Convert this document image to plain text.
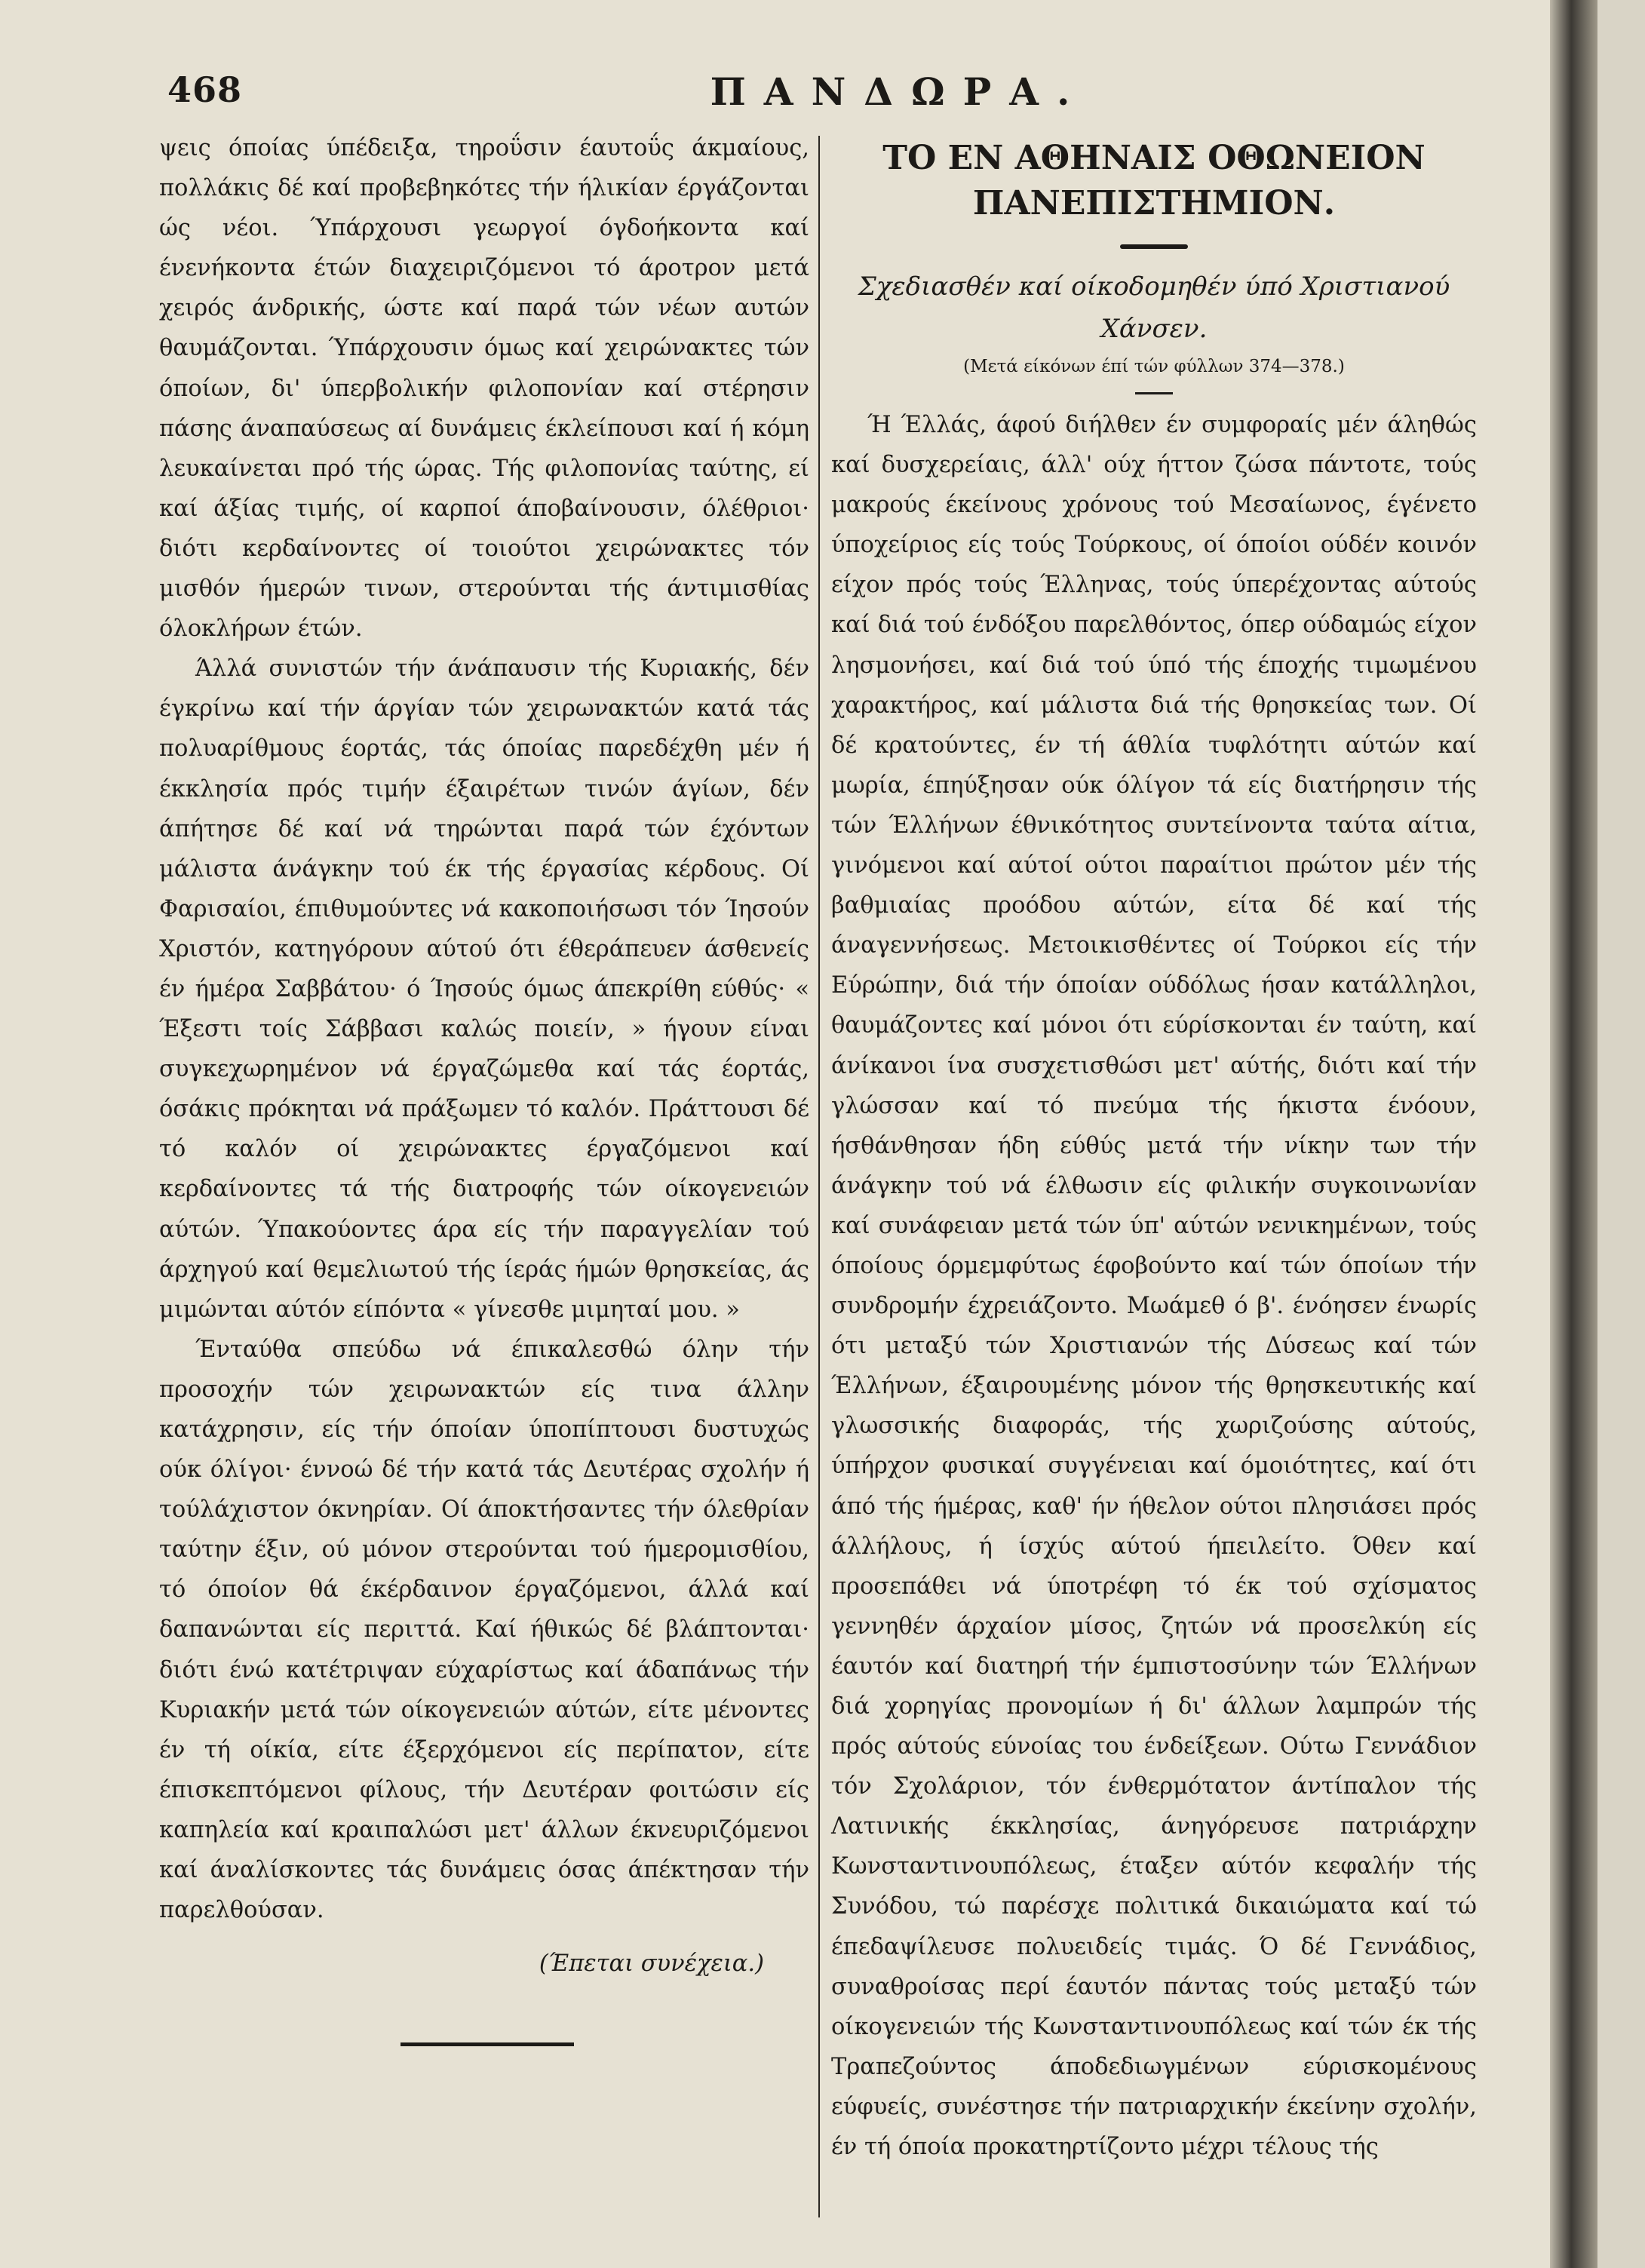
468	ΠΑΝΔΩΡΑ.

ψεις όποίας ύπέδειξα, τηροΰσιν έαυτοΰς άκμαίους, πολλάκις δέ καί προβεβηκότες τήν ήλικίαν έργάζονται ώς νέοι. Ύπάρχουσι γεωργοί όγδοήκοντα καί ένενήκοντα έτών διαχειριζόμενοι τό άροτρον μετά χειρός άνδρικής, ώστε καί παρά τών νέων αυτών θαυμάζονται. Ύπάρχουσιν όμως καί χειρώνακτες τών όποίων, δι' ύπερβολικήν φιλοπονίαν καί στέρησιν πάσης άναπαύσεως αί δυνάμεις έκλείπουσι καί ή κόμη λευκαίνεται πρό τής ώρας. Τής φιλοπονίας ταύτης, εί καί άξίας τιμής, οί καρποί άποβαίνουσιν, όλέθριοι· διότι κερδαίνοντες οί τοιούτοι χειρώνακτες τόν μισθόν ήμερών τινων, στερούνται τής άντιμισθίας όλοκλήρων έτών.

Άλλά συνιστών τήν άνάπαυσιν τής Κυριακής, δέν έγκρίνω καί τήν άργίαν τών χειρωνακτών κατά τάς πολυαρίθμους έορτάς, τάς όποίας παρεδέχθη μέν ή έκκλησία πρός τιμήν έξαιρέτων τινών άγίων, δέν άπήτησε δέ καί νά τηρώνται παρά τών έχόντων μάλιστα άνάγκην τού έκ τής έργασίας κέρδους. Οί Φαρισαίοι, έπιθυμούντες νά κακοποιήσωσι τόν Ίησούν Χριστόν, κατηγόρουν αύτού ότι έθεράπευεν άσθενείς έν ήμέρα Σαββάτου· ό Ίησούς όμως άπεκρίθη εύθύς· « Έξεστι τοίς Σάββασι καλώς ποιείν, » ήγουν είναι συγκεχωρημένον νά έργαζώμεθα καί τάς έορτάς, όσάκις πρόκηται νά πράξωμεν τό καλόν. Πράττουσι δέ τό καλόν οί χειρώνακτες έργαζόμενοι καί κερδαίνοντες τά τής διατροφής τών οίκογενειών αύτών. Ύπακούοντες άρα είς τήν παραγγελίαν τού άρχηγού καί θεμελιωτού τής ίεράς ήμών θρησκείας, άς μιμώνται αύτόν είπόντα « γίνεσθε μιμηταί μου. »

Ένταύθα σπεύδω νά έπικαλεσθώ όλην τήν προσοχήν τών χειρωνακτών είς τινα άλλην κατάχρησιν, είς τήν όποίαν ύποπίπτουσι δυστυχώς ούκ όλίγοι· έννοώ δέ τήν κατά τάς Δευτέρας σχολήν ή τούλάχιστον όκνηρίαν. Οί άποκτήσαντες τήν όλεθρίαν ταύτην έξιν, ού μόνον στερούνται τού ήμερομισθίου, τό όποίον θά έκέρδαινον έργαζόμενοι, άλλά καί δαπανώνται είς περιττά. Καί ήθικώς δέ βλάπτονται· διότι ένώ κατέτριψαν εύχαρίστως καί άδαπάνως τήν Κυριακήν μετά τών οίκογενειών αύτών, είτε μένοντες έν τή οίκία, είτε έξερχόμενοι είς περίπατον, είτε έπισκεπτόμενοι φίλους, τήν Δευτέραν φοιτώσιν είς καπηλεία καί κραιπαλώσι μετ' άλλων έκνευριζόμενοι καί άναλίσκοντες τάς δυνάμεις όσας άπέκτησαν τήν παρελθούσαν.

(Έπεται συνέχεια.)

ΤΟ ΕΝ ΑΘΗΝΑΙΣ ΟΘΩΝΕΙΟΝ
ΠΑΝΕΠΙΣΤΗΜΙΟΝ.

Σχεδιασθέν καί οίκοδομηθέν ύπό Χριστιανού
Χάνσεν.

(Μετά είκόνων έπί τών φύλλων 374—378.)

Ή Έλλάς, άφού διήλθεν έν συμφοραίς μέν άληθώς καί δυσχερείαις, άλλ' ούχ ήττον ζώσα πάντοτε, τούς μακρούς έκείνους χρόνους τού Μεσαίωνος, έγένετο ύποχείριος είς τούς Τούρκους, οί όποίοι ούδέν κοινόν είχον πρός τούς Έλληνας, τούς ύπερέχοντας αύτούς καί διά τού ένδόξου παρελθόντος, όπερ ούδαμώς είχον λησμονήσει, καί διά τού ύπό τής έποχής τιμωμένου χαρακτήρος, καί μάλιστα διά τής θρησκείας των. Οί δέ κρατούντες, έν τή άθλία τυφλότητι αύτών καί μωρία, έπηύξησαν ούκ όλίγον τά είς διατήρησιν τής τών Έλλήνων έθνικότητος συντείνοντα ταύτα αίτια, γινόμενοι καί αύτοί ούτοι παραίτιοι πρώτον μέν τής βαθμιαίας προόδου αύτών, είτα δέ καί τής άναγεννήσεως. Μετοικισθέντες οί Τούρκοι είς τήν Εύρώπην, διά τήν όποίαν ούδόλως ήσαν κατάλληλοι, θαυμάζοντες καί μόνοι ότι εύρίσκονται έν ταύτη, καί άνίκανοι ίνα συσχετισθώσι μετ' αύτής, διότι καί τήν γλώσσαν καί τό πνεύμα τής ήκιστα ένόουν, ήσθάνθησαν ήδη εύθύς μετά τήν νίκην των τήν άνάγκην τού νά έλθωσιν είς φιλικήν συγκοινωνίαν καί συνάφειαν μετά τών ύπ' αύτών νενικημένων, τούς όποίους όρμεμφύτως έφοβούντο καί τών όποίων τήν συνδρομήν έχρειάζοντο. Μωάμεθ ό β'. ένόησεν ένωρίς ότι μεταξύ τών Χριστιανών τής Δύσεως καί τών Έλλήνων, έξαιρουμένης μόνον τής θρησκευτικής καί γλωσσικής διαφοράς, τής χωριζούσης αύτούς, ύπήρχον φυσικαί συγγένειαι καί όμοιότητες, καί ότι άπό τής ήμέρας, καθ' ήν ήθελον ούτοι πλησιάσει πρός άλλήλους, ή ίσχύς αύτού ήπειλείτο. Όθεν καί προσεπάθει νά ύποτρέφη τό έκ τού σχίσματος γεννηθέν άρχαίον μίσος, ζητών νά προσελκύη είς έαυτόν καί διατηρή τήν έμπιστοσύνην τών Έλλήνων διά χορηγίας προνομίων ή δι' άλλων λαμπρών τής πρός αύτούς εύνοίας του ένδείξεων. Ούτω Γεννάδιον τόν Σχολάριον, τόν ένθερμότατον άντίπαλον τής Λατινικής έκκλησίας, άνηγόρευσε πατριάρχην Κωνσταντινουπόλεως, έταξεν αύτόν κεφαλήν τής Συνόδου, τώ παρέσχε πολιτικά δικαιώματα καί τώ έπεδαψίλευσε πολυειδείς τιμάς. Ό δέ Γεννάδιος, συναθροίσας περί έαυτόν πάντας τούς μεταξύ τών οίκογενειών τής Κωνσταντινουπόλεως καί τών έκ τής Τραπεζούντος άποδεδιωγμένων εύρισκομένους εύφυείς, συνέστησε τήν πατριαρχικήν έκείνην σχολήν, έν τή όποία προκατηρτίζοντο μέχρι τέλους τής
